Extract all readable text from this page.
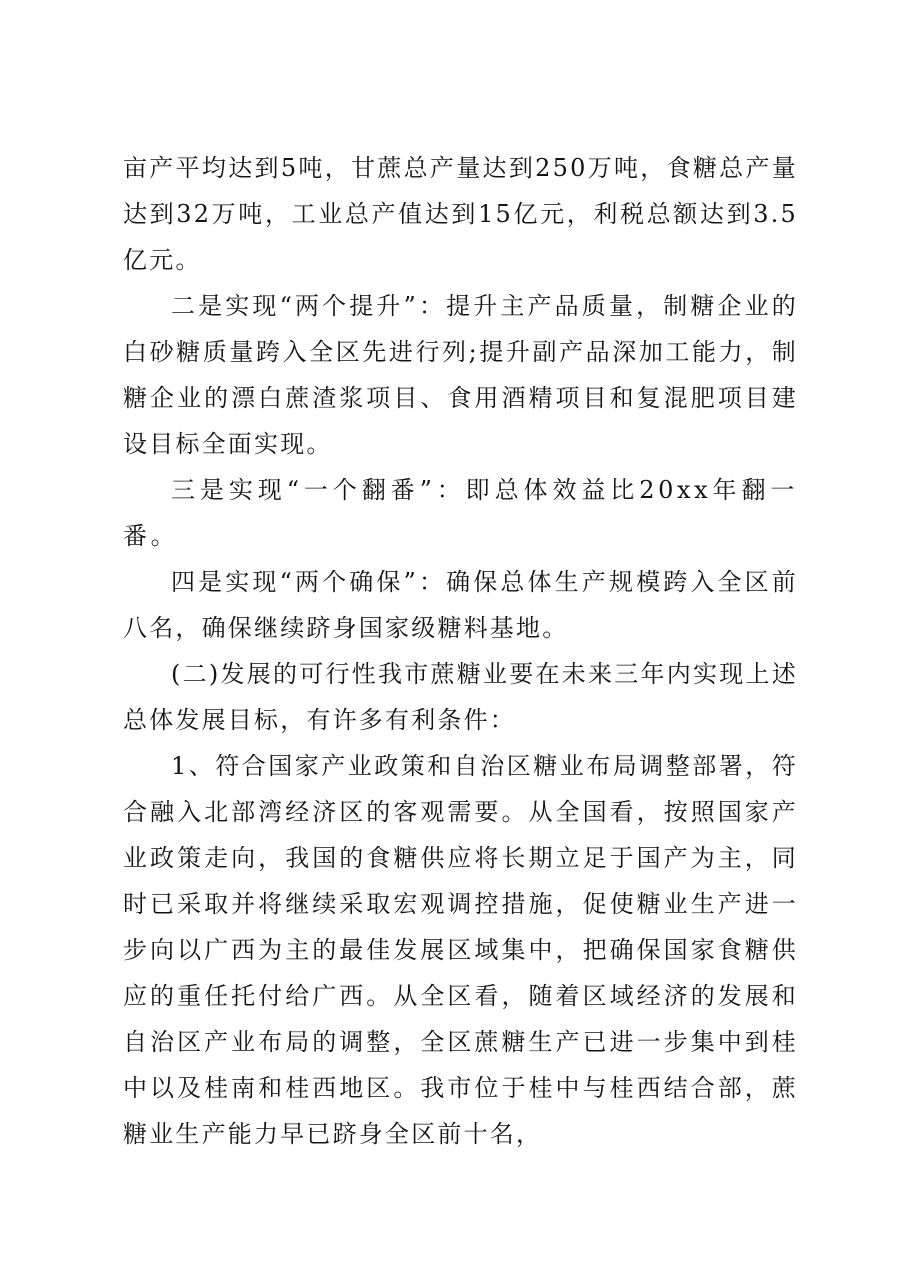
亩产平均达到5吨，甘蔗总产量达到250万吨，食糖总产量达到32万吨，工业总产值达到15亿元，利税总额达到3.5亿元。

二是实现“两个提升”：提升主产品质量，制糖企业的白砂糖质量跨入全区先进行列;提升副产品深加工能力，制糖企业的漂白蔗渣浆项目、食用酒精项目和复混肥项目建设目标全面实现。

三是实现“一个翻番”：即总体效益比20xx年翻一番。

四是实现“两个确保”：确保总体生产规模跨入全区前八名，确保继续跻身国家级糖料基地。

(二)发展的可行性我市蔗糖业要在未来三年内实现上述总体发展目标，有许多有利条件：

1、符合国家产业政策和自治区糖业布局调整部署，符合融入北部湾经济区的客观需要。从全国看，按照国家产业政策走向，我国的食糖供应将长期立足于国产为主，同时已采取并将继续采取宏观调控措施，促使糖业生产进一步向以广西为主的最佳发展区域集中，把确保国家食糖供应的重任托付给广西。从全区看，随着区域经济的发展和自治区产业布局的调整，全区蔗糖生产已进一步集中到桂中以及桂南和桂西地区。我市位于桂中与桂西结合部，蔗糖业生产能力早已跻身全区前十名，
